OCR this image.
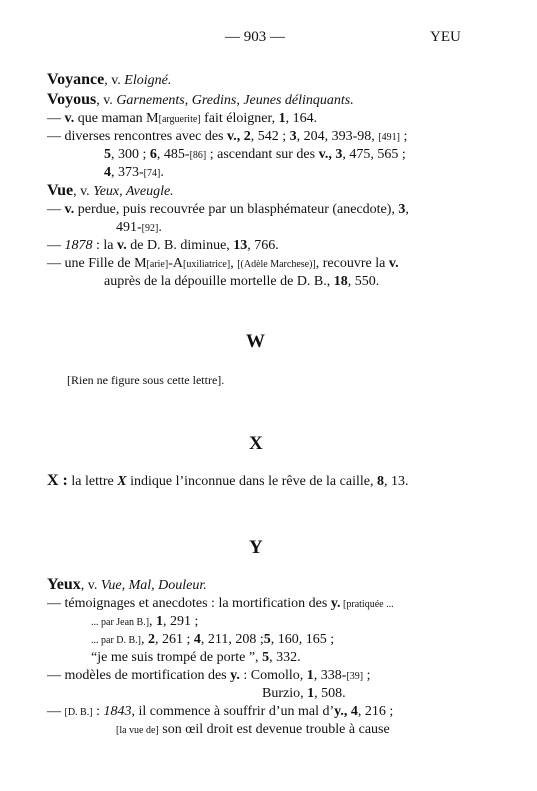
— 903 —	YEU
Voyance, v. Eloigné.
Voyous, v. Garnements, Gredins, Jeunes délinquants.
— v. que maman M[arguerite] fait éloigner, 1, 164.
— diverses rencontres avec des v., 2, 542 ; 3, 204, 393-98, [491] ;
5, 300 ; 6, 485-[86] ; ascendant sur des v., 3, 475, 565 ;
4, 373-[74].
Vue, v. Yeux, Aveugle.
— v. perdue, puis recouvrée par un blasphémateur (anecdote), 3,
491-[92].
— 1878 : la v. de D. B. diminue, 13, 766.
— une Fille de M[arie]-A[uxiliatrice], [(Adèle Marchese)], recouvre la v.
auprès de la dépouille mortelle de D. B., 18, 550.
W
[Rien ne figure sous cette lettre].
X
X : la lettre X indique l’inconnue dans le rêve de la caille, 8, 13.
Y
Yeux, v. Vue, Mal, Douleur.
— témoignages et anecdotes : la mortification des y. [pratiquée ...
... par Jean B.], 1, 291 ;
... par D. B.], 2, 261 ; 4, 211, 208 ;5, 160, 165 ;
“je me suis trompé de porte ”, 5, 332.
— modèles de mortification des y. : Comollo, 1, 338-[39] ;
Burzio, 1, 508.
— [D. B.] : 1843, il commence à souffrir d’un mal d’y., 4, 216 ;
[la vue de] son œil droit est devenue trouble à cause
